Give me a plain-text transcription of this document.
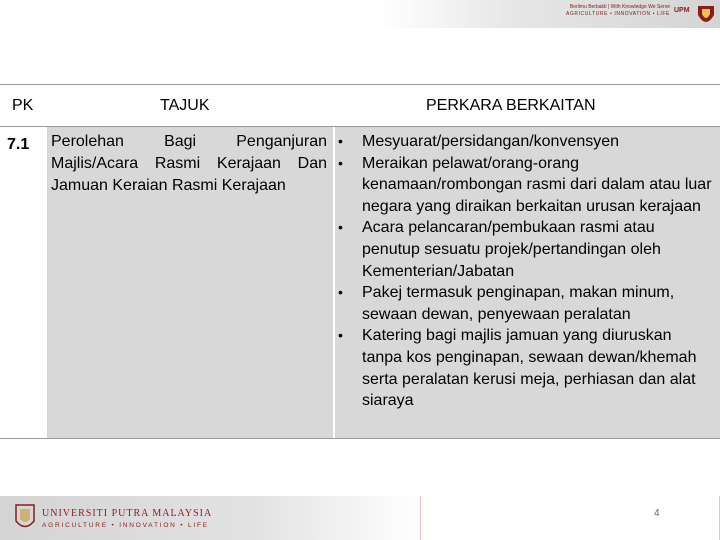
Berilmu Berbakti | With Knowledge We Serve
AGRICULTURE • INNOVATION • LIFE UPM
PK	TAJUK	PERKARA BERKAITAN
7.1 Perolehan Bagi Penganjuran Majlis/Acara Rasmi Kerajaan Dan Jamuan Keraian Rasmi Kerajaan
• Mesyuarat/persidangan/konvensyen
• Meraikan pelawat/orang-orang kenamaan/rombongan rasmi dari dalam atau luar negara yang diraikan berkaitan urusan kerajaan
• Acara pelancaran/pembukaan rasmi atau penutup sesuatu projek/pertandingan oleh Kementerian/Jabatan
• Pakej termasuk penginapan, makan minum, sewaan dewan, penyewaan peralatan
• Katering bagi majlis jamuan yang diuruskan tanpa kos penginapan, sewaan dewan/khemah serta peralatan kerusi meja, perhiasan dan alat siaraya
UNIVERSITI PUTRA MALAYSIA
AGRICULTURE • INNOVATION • LIFE
4
